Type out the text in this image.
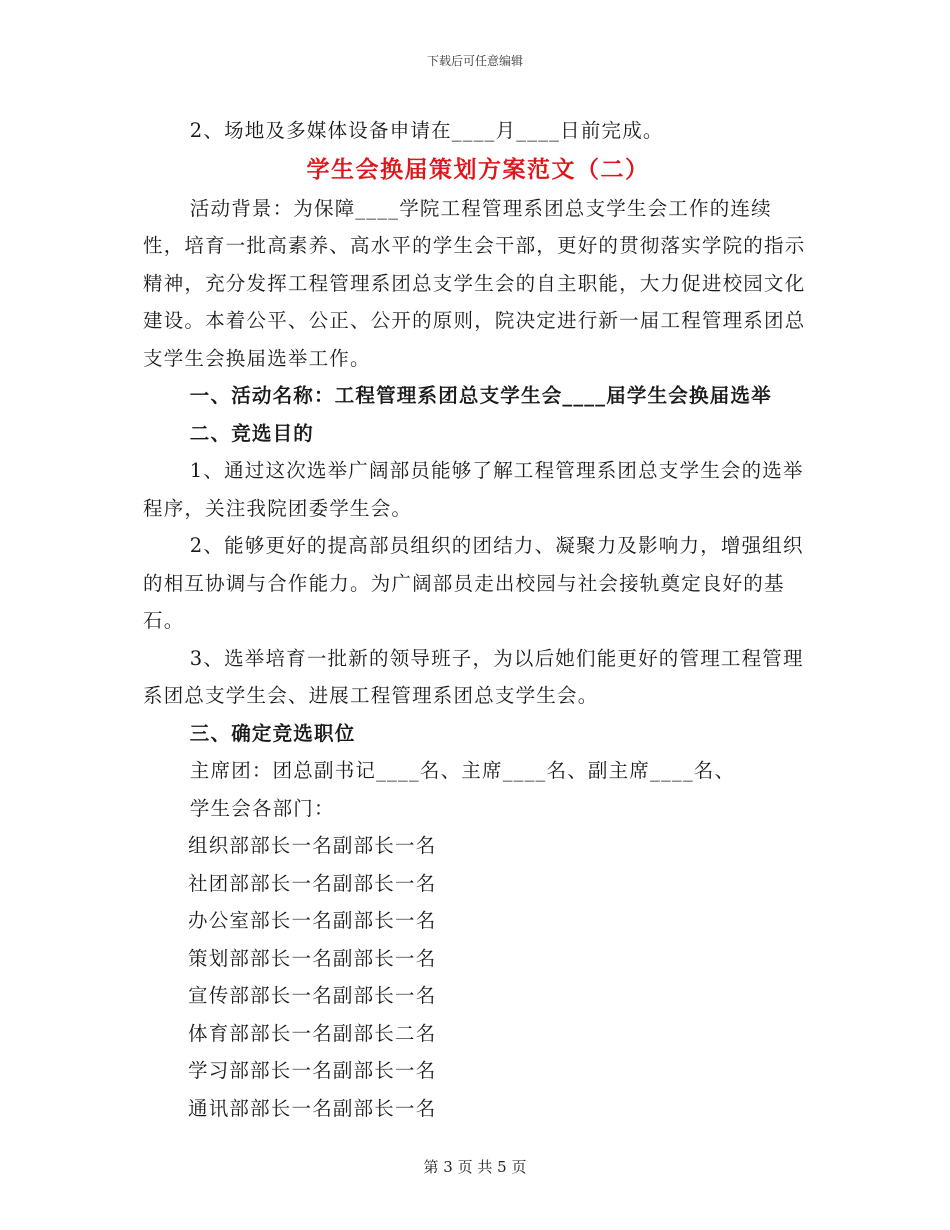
下载后可任意编辑

2、场地及多媒体设备申请在____月____日前完成。

学生会换届策划方案范文（二）

活动背景：为保障____学院工程管理系团总支学生会工作的连续性，培育一批高素养、高水平的学生会干部，更好的贯彻落实学院的指示精神，充分发挥工程管理系团总支学生会的自主职能，大力促进校园文化建设。本着公平、公正、公开的原则，院决定进行新一届工程管理系团总支学生会换届选举工作。

一、活动名称：工程管理系团总支学生会____届学生会换届选举

二、竞选目的

1、通过这次选举广阔部员能够了解工程管理系团总支学生会的选举程序，关注我院团委学生会。

2、能够更好的提高部员组织的团结力、凝聚力及影响力，增强组织的相互协调与合作能力。为广阔部员走出校园与社会接轨奠定良好的基石。

3、选举培育一批新的领导班子，为以后她们能更好的管理工程管理系团总支学生会、进展工程管理系团总支学生会。

三、确定竞选职位

主席团：团总副书记____名、主席____名、副主席____名、

学生会各部门：

组织部部长一名副部长一名

社团部部长一名副部长一名

办公室部长一名副部长一名

策划部部长一名副部长一名

宣传部部长一名副部长一名

体育部部长一名副部长二名

学习部部长一名副部长一名

通讯部部长一名副部长一名

第 3 页 共 5 页
